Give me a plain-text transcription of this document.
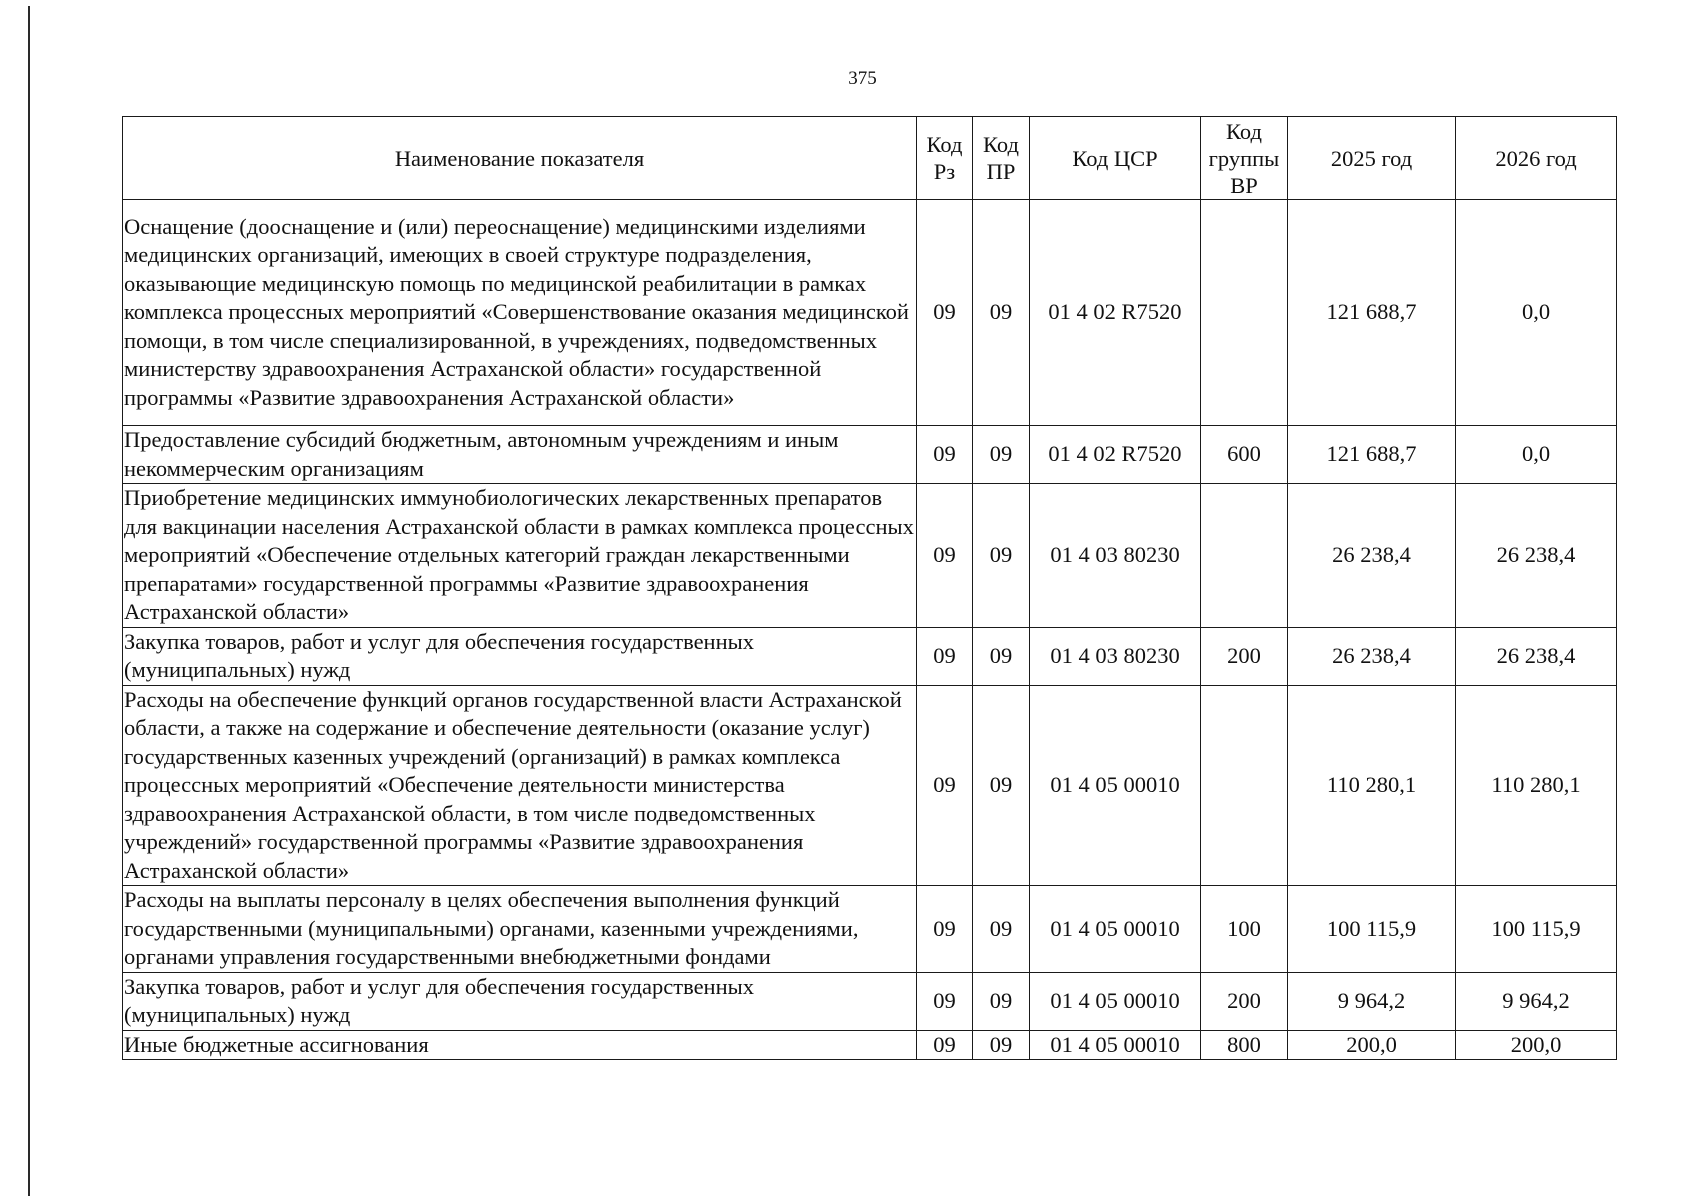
375
Наименование показателя	Код Рз	Код ПР	Код ЦСР	Код группы ВР	2025 год	2026 год
Оснащение (дооснащение и (или) переоснащение) медицинскими изделиями медицинских организаций, имеющих в своей структуре подразделения, оказывающие медицинскую помощь по медицинской реабилитации в рамках комплекса процессных мероприятий «Совершенствование оказания медицинской помощи, в том числе специализированной, в учреждениях, подведомственных министерству здравоохранения Астраханской области» государственной программы «Развитие здравоохранения Астраханской области»	09	09	01 4 02 R7520		121 688,7	0,0
Предоставление субсидий бюджетным, автономным учреждениям и иным некоммерческим организациям	09	09	01 4 02 R7520	600	121 688,7	0,0
Приобретение медицинских иммунобиологических лекарственных препаратов для вакцинации населения Астраханской области в рамках комплекса процессных мероприятий «Обеспечение отдельных категорий граждан лекарственными препаратами» государственной программы «Развитие здравоохранения Астраханской области»	09	09	01 4 03 80230		26 238,4	26 238,4
Закупка товаров, работ и услуг для обеспечения государственных (муниципальных) нужд	09	09	01 4 03 80230	200	26 238,4	26 238,4
Расходы на обеспечение функций органов государственной власти Астраханской области, а также на содержание и обеспечение деятельности (оказание услуг) государственных казенных учреждений (организаций) в рамках комплекса процессных мероприятий «Обеспечение деятельности министерства здравоохранения Астраханской области, в том числе подведомственных учреждений» государственной программы «Развитие здравоохранения Астраханской области»	09	09	01 4 05 00010		110 280,1	110 280,1
Расходы на выплаты персоналу в целях обеспечения выполнения функций государственными (муниципальными) органами, казенными учреждениями, органами управления государственными внебюджетными фондами	09	09	01 4 05 00010	100	100 115,9	100 115,9
Закупка товаров, работ и услуг для обеспечения государственных (муниципальных) нужд	09	09	01 4 05 00010	200	9 964,2	9 964,2
Иные бюджетные ассигнования	09	09	01 4 05 00010	800	200,0	200,0
